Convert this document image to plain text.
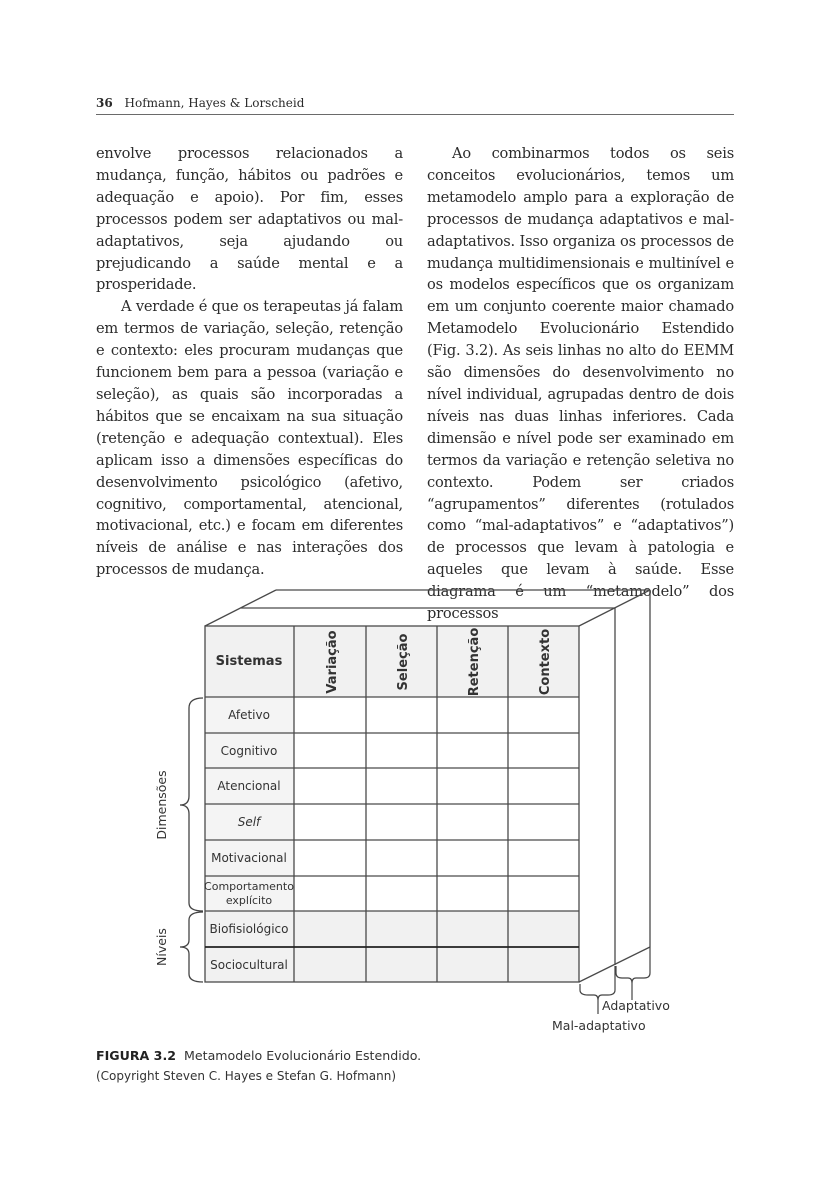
36 Hofmann, Hayes & Lorscheid

envolve processos relacionados a mudança, função, hábitos ou padrões e adequação e apoio). Por fim, esses processos podem ser adaptativos ou mal-adaptativos, seja ajudando ou prejudicando a saúde mental e a prosperidade.

A verdade é que os terapeutas já falam em termos de variação, seleção, retenção e contexto: eles procuram mudanças que funcionem bem para a pessoa (variação e seleção), as quais são incorporadas a hábitos que se encaixam na sua situação (retenção e adequação contextual). Eles aplicam isso a dimensões específicas do desenvolvimento psicológico (afetivo, cognitivo, comportamental, atencional, motivacional, etc.) e focam em diferentes níveis de análise e nas interações dos processos de mudança.

Ao combinarmos todos os seis conceitos evolucionários, temos um metamodelo amplo para a exploração de processos de mudança adaptativos e mal-adaptativos. Isso organiza os processos de mudança multidimensionais e multinível e os modelos específicos que os organizam em um conjunto coerente maior chamado Metamodelo Evolucionário Estendido (Fig. 3.2). As seis linhas no alto do EEMM são dimensões do desenvolvimento no nível individual, agrupadas dentro de dois níveis nas duas linhas inferiores. Cada dimensão e nível pode ser examinado em termos da variação e retenção seletiva no contexto. Podem ser criados “agrupamentos” diferentes (rotulados como “mal-adaptativos” e “adaptativos”) de processos que levam à patologia e aqueles que levam à saúde. Esse diagrama é um “metamodelo” dos processos

Sistemas	Variação	Seleção	Retenção	Contexto
Afetivo
Cognitivo
Atencional
Self
Motivacional
Comportamento
explícito
Biofisiológico
Sociocultural
Dimensões
Níveis
Adaptativo
Mal-adaptativo
FIGURA 3.2 Metamodelo Evolucionário Estendido.
(Copyright Steven C. Hayes e Stefan G. Hofmann)
